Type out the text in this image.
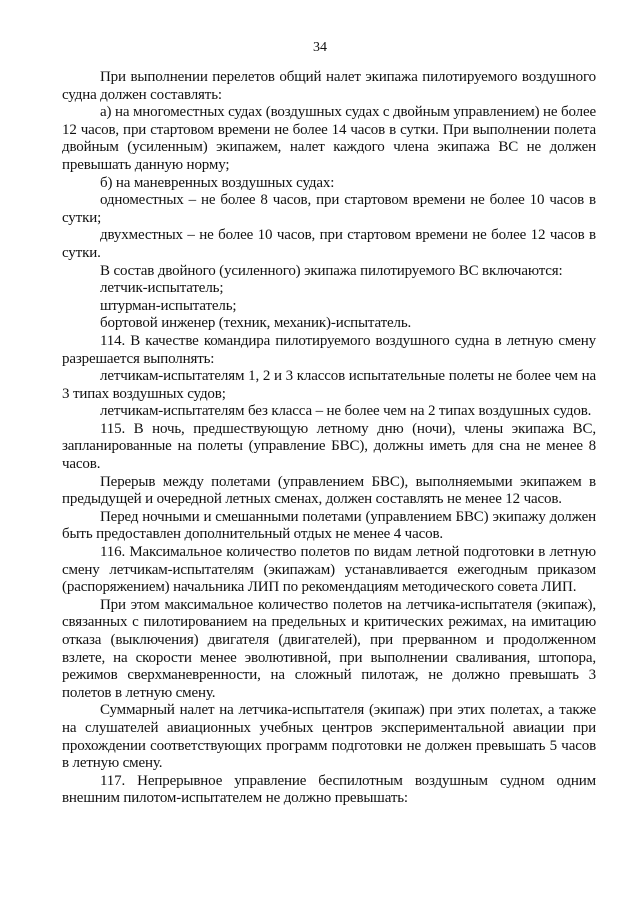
34

При выполнении перелетов общий налет экипажа пилотируемого воздушного судна должен составлять:

а) на многоместных судах (воздушных судах с двойным управлением) не более 12 часов, при стартовом времени не более 14 часов в сутки. При выполнении полета двойным (усиленным) экипажем, налет каждого члена экипажа ВС не должен превышать данную норму;

б) на маневренных воздушных судах:

одноместных – не более 8 часов, при стартовом времени не более 10 часов в сутки;

двухместных – не более 10 часов, при стартовом времени не более 12 часов в сутки.

В состав двойного (усиленного) экипажа пилотируемого ВС включаются:

летчик-испытатель;

штурман-испытатель;

бортовой инженер (техник, механик)-испытатель.

114. В качестве командира пилотируемого воздушного судна в летную смену разрешается выполнять:

летчикам-испытателям 1, 2 и 3 классов испытательные полеты не более чем на 3 типах воздушных судов;

летчикам-испытателям без класса – не более чем на 2 типах воздушных судов.

115. В ночь, предшествующую летному дню (ночи), члены экипажа ВС, запланированные на полеты (управление БВС), должны иметь для сна не менее 8 часов.

Перерыв между полетами (управлением БВС), выполняемыми экипажем в предыдущей и очередной летных сменах, должен составлять не менее 12 часов.

Перед ночными и смешанными полетами (управлением БВС) экипажу должен быть предоставлен дополнительный отдых не менее 4 часов.

116. Максимальное количество полетов по видам летной подготовки в летную смену летчикам-испытателям (экипажам) устанавливается ежегодным приказом (распоряжением) начальника ЛИП по рекомендациям методического совета ЛИП.

При этом максимальное количество полетов на летчика-испытателя (экипаж), связанных с пилотированием на предельных и критических режимах, на имитацию отказа (выключения) двигателя (двигателей), при прерванном и продолженном взлете, на скорости менее эволютивной, при выполнении сваливания, штопора, режимов сверхманевренности, на сложный пилотаж, не должно превышать 3 полетов в летную смену.

Суммарный налет на летчика-испытателя (экипаж) при этих полетах, а также на слушателей авиационных учебных центров экспериментальной авиации при прохождении соответствующих программ подготовки не должен превышать 5 часов в летную смену.

117. Непрерывное управление беспилотным воздушным судном одним внешним пилотом-испытателем не должно превышать:
